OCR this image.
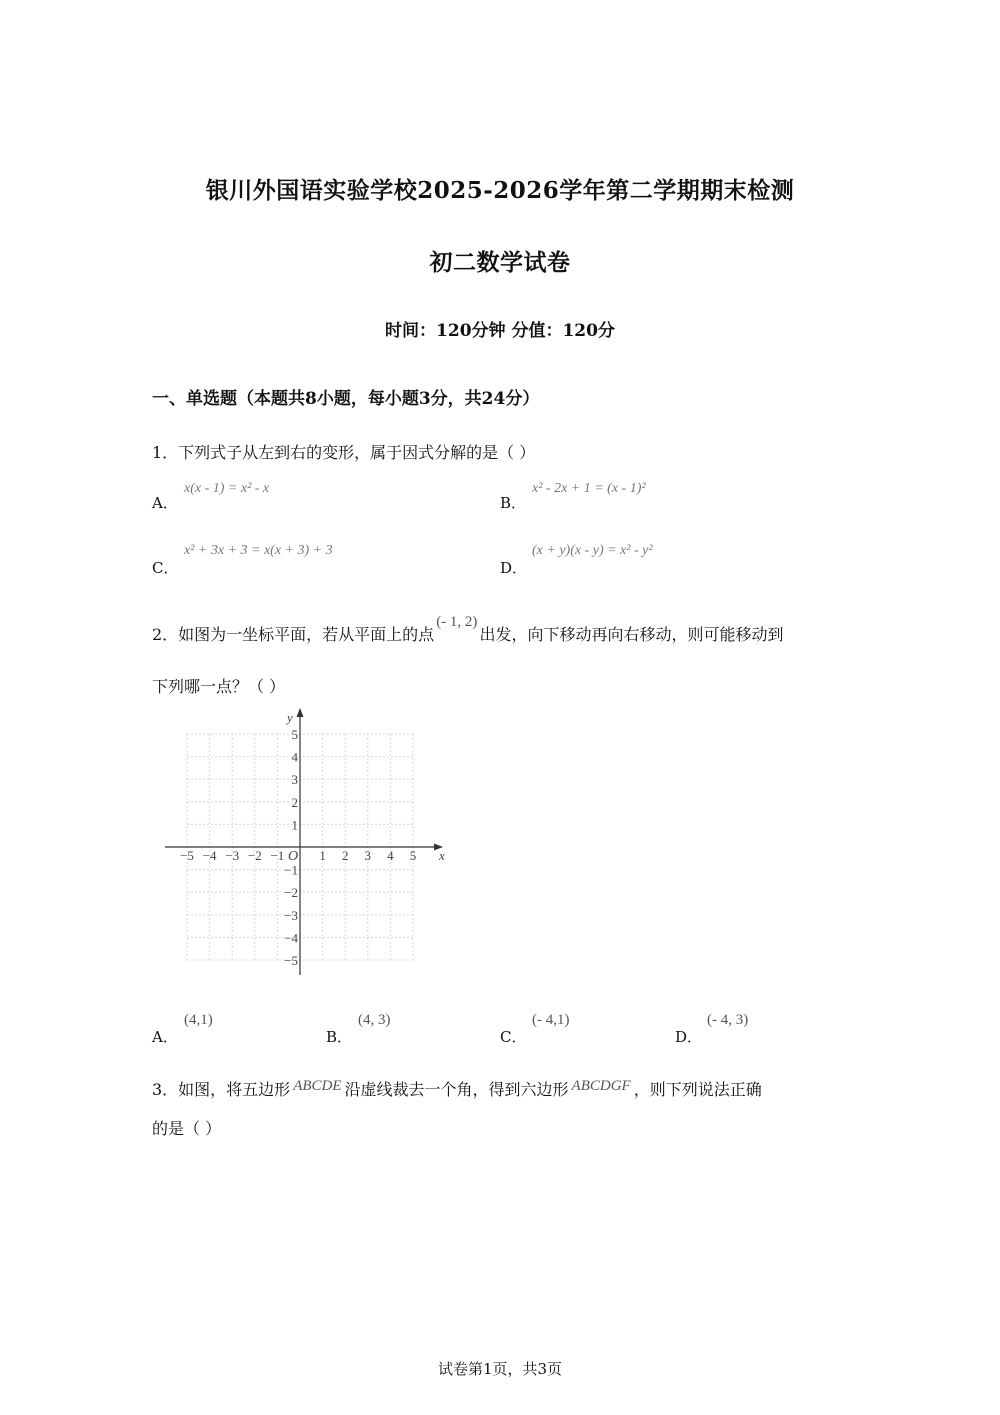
银川外国语实验学校2025-2026学年第二学期期末检测
初二数学试卷
时间：120分钟 分值：120分
一、单选题（本题共8小题，每小题3分，共24分）
1．下列式子从左到右的变形，属于因式分解的是（ ）
A．
x(x - 1) = x² - x
B．
x² - 2x + 1 = (x - 1)²
C．
x² + 3x + 3 = x(x + 3) + 3
D．
(x + y)(x - y) = x² - y²
2．如图为一坐标平面，若从平面上的点(- 1, 2)出发，向下移动再向右移动，则可能移动到
下列哪一点？（ ）
x
y
O
−5 −4 −3 −2 −1	1 2 3 4 5
5
4
3
2
1
−1
−2
−3
−4
−5
A．
(4,1)
B．
(4, 3)
C．
(- 4,1)
D．
(- 4, 3)
3．如图，将五边形 ABCDE 沿虚线裁去一个角，得到六边形 ABCDGF ，则下列说法正确
的是（ ）
试卷第1页，共3页
